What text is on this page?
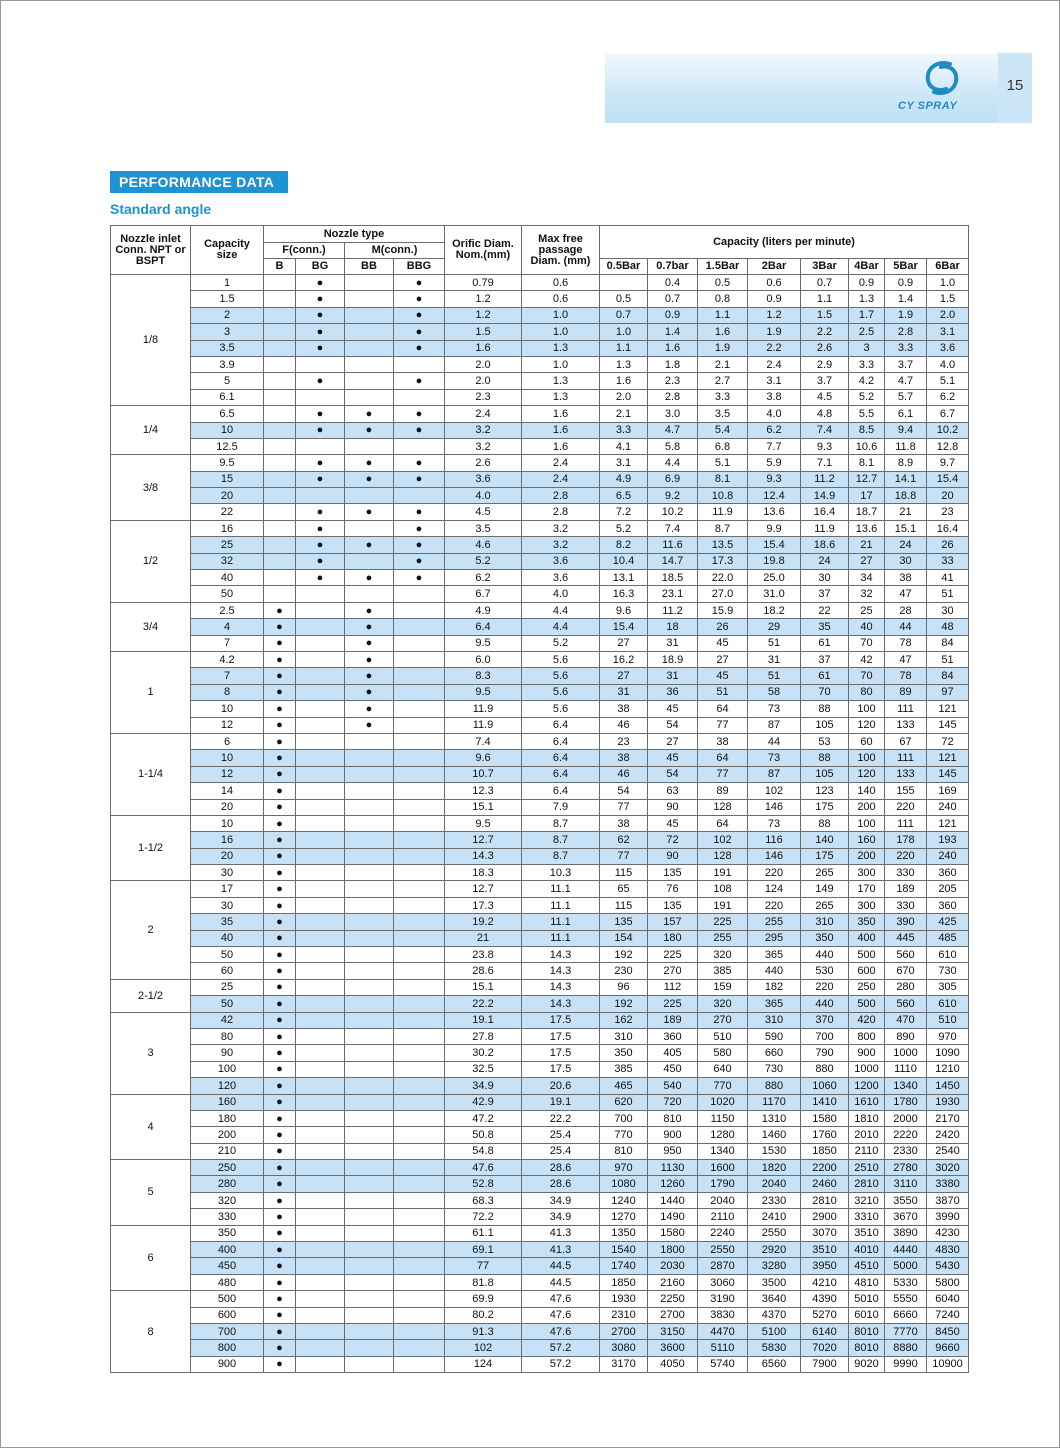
15
CY SPRAY
PERFORMANCE DATA
Standard angle
Nozzle inlet Conn. NPT or BSPT	Capacity size	Nozzle type				Orific Diam. Nom.(mm)	Max free passage Diam. (mm)	Capacity (liters per minute)							
		F(conn.)		M(conn.)											
		B	BG	BB	BBG			0.5Bar	0.7bar	1.5Bar	2Bar	3Bar	4Bar	5Bar	6Bar
1/8	1		●		●	0.79	0.6		0.4	0.5	0.6	0.7	0.9	0.9	1.0
	1.5		●		●	1.2	0.6	0.5	0.7	0.8	0.9	1.1	1.3	1.4	1.5
	2		●		●	1.2	1.0	0.7	0.9	1.1	1.2	1.5	1.7	1.9	2.0
	3		●		●	1.5	1.0	1.0	1.4	1.6	1.9	2.2	2.5	2.8	3.1
	3.5		●		●	1.6	1.3	1.1	1.6	1.9	2.2	2.6	3	3.3	3.6
	3.9					2.0	1.0	1.3	1.8	2.1	2.4	2.9	3.3	3.7	4.0
	5		●		●	2.0	1.3	1.6	2.3	2.7	3.1	3.7	4.2	4.7	5.1
	6.1					2.3	1.3	2.0	2.8	3.3	3.8	4.5	5.2	5.7	6.2
1/4	6.5		●	●	●	2.4	1.6	2.1	3.0	3.5	4.0	4.8	5.5	6.1	6.7
	10		●	●	●	3.2	1.6	3.3	4.7	5.4	6.2	7.4	8.5	9.4	10.2
	12.5					3.2	1.6	4.1	5.8	6.8	7.7	9.3	10.6	11.8	12.8
3/8	9.5		●	●	●	2.6	2.4	3.1	4.4	5.1	5.9	7.1	8.1	8.9	9.7
	15		●	●	●	3.6	2.4	4.9	6.9	8.1	9.3	11.2	12.7	14.1	15.4
	20					4.0	2.8	6.5	9.2	10.8	12.4	14.9	17	18.8	20
	22		●	●	●	4.5	2.8	7.2	10.2	11.9	13.6	16.4	18.7	21	23
1/2	16		●		●	3.5	3.2	5.2	7.4	8.7	9.9	11.9	13.6	15.1	16.4
	25		●	●	●	4.6	3.2	8.2	11.6	13.5	15.4	18.6	21	24	26
	32		●		●	5.2	3.6	10.4	14.7	17.3	19.8	24	27	30	33
	40		●	●	●	6.2	3.6	13.1	18.5	22.0	25.0	30	34	38	41
	50					6.7	4.0	16.3	23.1	27.0	31.0	37	32	47	51
3/4	2.5	●		●		4.9	4.4	9.6	11.2	15.9	18.2	22	25	28	30
	4	●		●		6.4	4.4	15.4	18	26	29	35	40	44	48
	7	●		●		9.5	5.2	27	31	45	51	61	70	78	84
1	4.2	●		●		6.0	5.6	16.2	18.9	27	31	37	42	47	51
	7	●		●		8.3	5.6	27	31	45	51	61	70	78	84
	8	●		●		9.5	5.6	31	36	51	58	70	80	89	97
	10	●		●		11.9	5.6	38	45	64	73	88	100	111	121
	12	●		●		11.9	6.4	46	54	77	87	105	120	133	145
1-1/4	6	●				7.4	6.4	23	27	38	44	53	60	67	72
	10	●				9.6	6.4	38	45	64	73	88	100	111	121
	12	●				10.7	6.4	46	54	77	87	105	120	133	145
	14	●				12.3	6.4	54	63	89	102	123	140	155	169
	20	●				15.1	7.9	77	90	128	146	175	200	220	240
1-1/2	10	●				9.5	8.7	38	45	64	73	88	100	111	121
	16	●				12.7	8.7	62	72	102	116	140	160	178	193
	20	●				14.3	8.7	77	90	128	146	175	200	220	240
	30	●				18.3	10.3	115	135	191	220	265	300	330	360
2	17	●				12.7	11.1	65	76	108	124	149	170	189	205
	30	●				17.3	11.1	115	135	191	220	265	300	330	360
	35	●				19.2	11.1	135	157	225	255	310	350	390	425
	40	●				21	11.1	154	180	255	295	350	400	445	485
	50	●				23.8	14.3	192	225	320	365	440	500	560	610
	60	●				28.6	14.3	230	270	385	440	530	600	670	730
2-1/2	25	●				15.1	14.3	96	112	159	182	220	250	280	305
	50	●				22.2	14.3	192	225	320	365	440	500	560	610
3	42	●				19.1	17.5	162	189	270	310	370	420	470	510
	80	●				27.8	17.5	310	360	510	590	700	800	890	970
	90	●				30.2	17.5	350	405	580	660	790	900	1000	1090
	100	●				32.5	17.5	385	450	640	730	880	1000	1110	1210
	120	●				34.9	20.6	465	540	770	880	1060	1200	1340	1450
4	160	●				42.9	19.1	620	720	1020	1170	1410	1610	1780	1930
	180	●				47.2	22.2	700	810	1150	1310	1580	1810	2000	2170
	200	●				50.8	25.4	770	900	1280	1460	1760	2010	2220	2420
	210	●				54.8	25.4	810	950	1340	1530	1850	2110	2330	2540
5	250	●				47.6	28.6	970	1130	1600	1820	2200	2510	2780	3020
	280	●				52.8	28.6	1080	1260	1790	2040	2460	2810	3110	3380
	320	●				68.3	34.9	1240	1440	2040	2330	2810	3210	3550	3870
	330	●				72.2	34.9	1270	1490	2110	2410	2900	3310	3670	3990
6	350	●				61.1	41.3	1350	1580	2240	2550	3070	3510	3890	4230
	400	●				69.1	41.3	1540	1800	2550	2920	3510	4010	4440	4830
	450	●				77	44.5	1740	2030	2870	3280	3950	4510	5000	5430
	480	●				81.8	44.5	1850	2160	3060	3500	4210	4810	5330	5800
8	500	●				69.9	47.6	1930	2250	3190	3640	4390	5010	5550	6040
	600	●				80.2	47.6	2310	2700	3830	4370	5270	6010	6660	7240
	700	●				91.3	47.6	2700	3150	4470	5100	6140	8010	7770	8450
	800	●				102	57.2	3080	3600	5110	5830	7020	8010	8880	9660
	900	●				124	57.2	3170	4050	5740	6560	7900	9020	9990	10900
